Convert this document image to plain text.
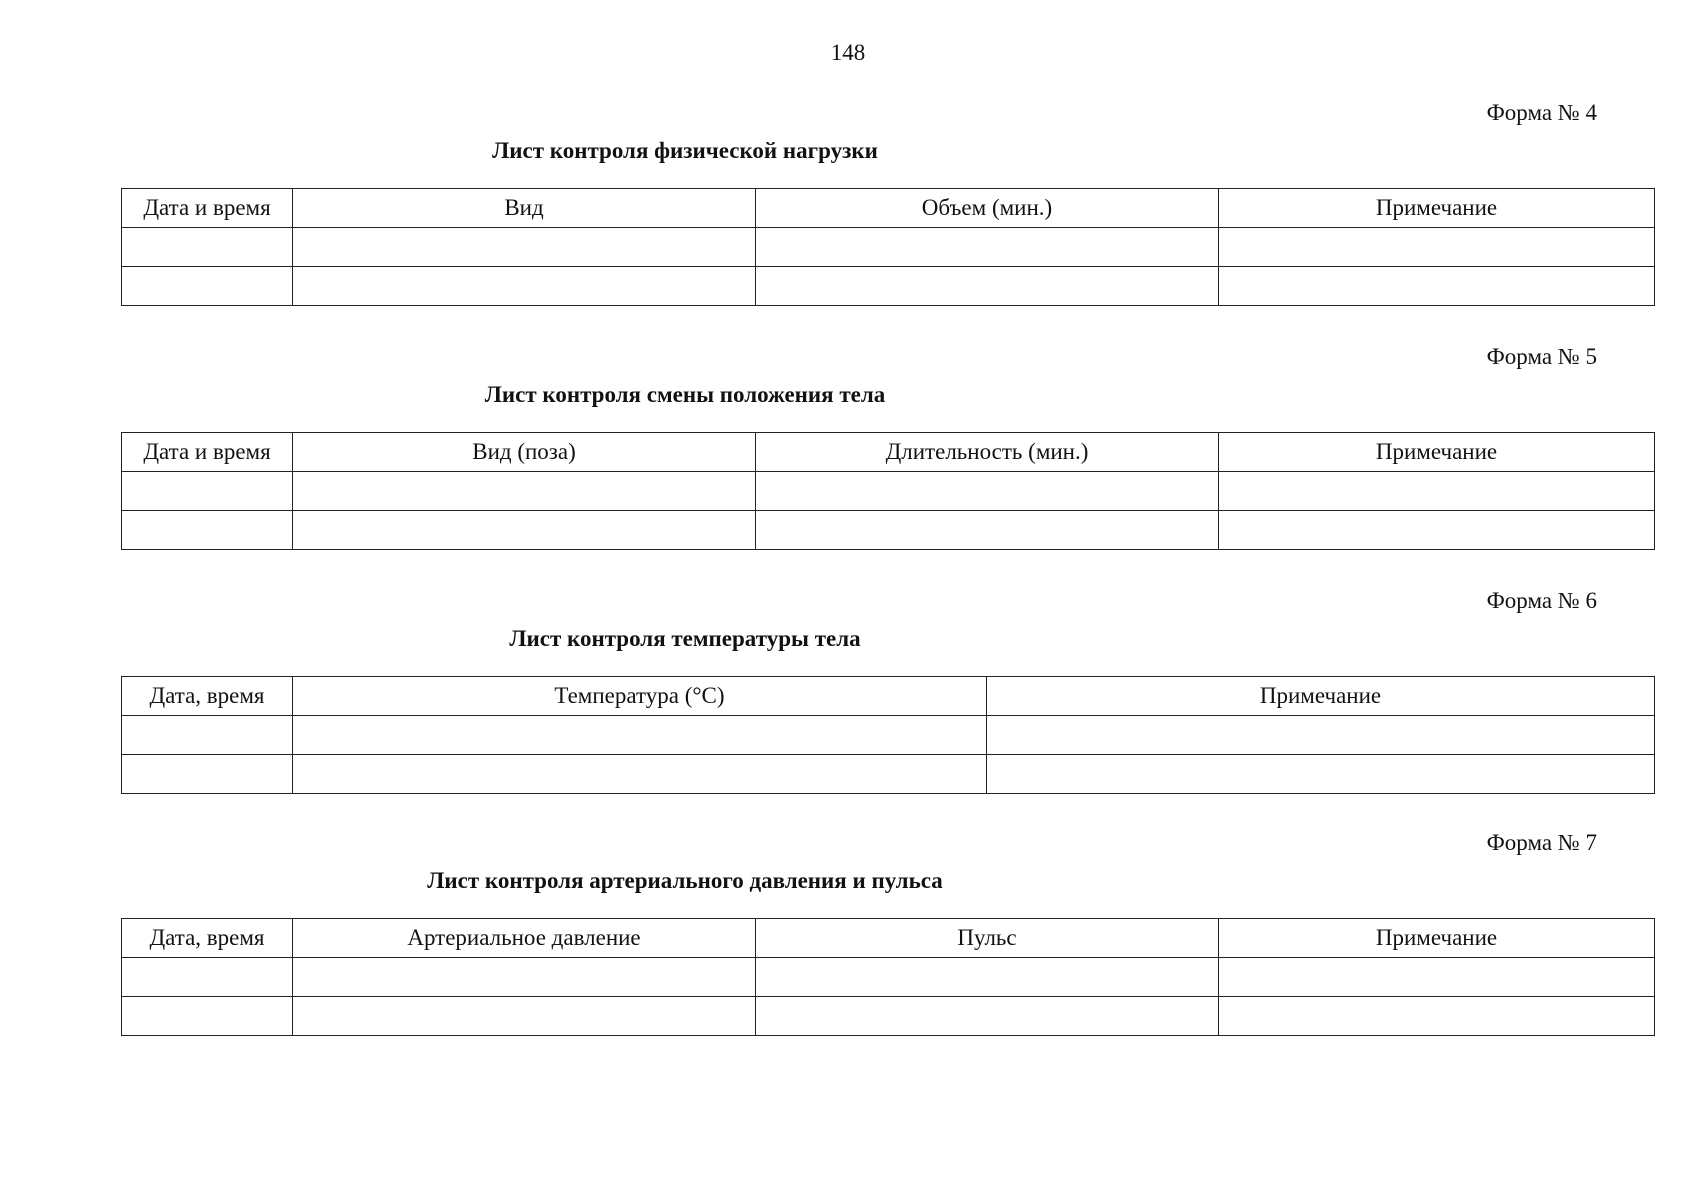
148
Форма № 4
Лист контроля физической нагрузки
Дата и время	Вид	Объем (мин.)	Примечание

Форма № 5
Лист контроля смены положения тела
Дата и время	Вид (поза)	Длительность (мин.)	Примечание

Форма № 6
Лист контроля температуры тела
Дата, время	Температура (°С)	Примечание

Форма № 7
Лист контроля артериального давления и пульса
Дата, время	Артериальное давление	Пульс	Примечание
